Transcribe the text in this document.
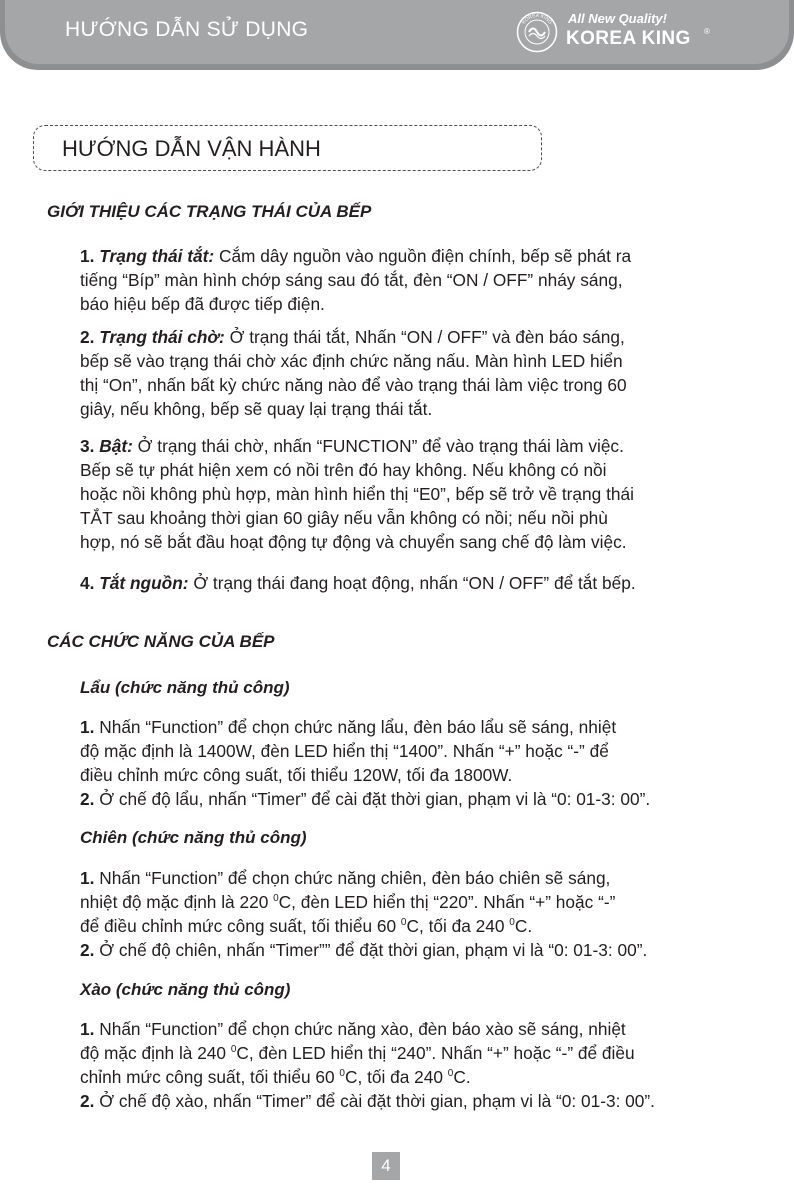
HƯỚNG DẪN SỬ DỤNG	KOREA KING All New Quality!
KOREA KING ®
HƯỚNG DẪN VẬN HÀNH
GIỚI THIỆU CÁC TRẠNG THÁI CỦA BẾP
1. Trạng thái tắt: Cắm dây nguồn vào nguồn điện chính, bếp sẽ phát ra
tiếng “Bíp” màn hình chớp sáng sau đó tắt, đèn “ON / OFF” nháy sáng,
báo hiệu bếp đã được tiếp điện.
2. Trạng thái chờ: Ở trạng thái tắt, Nhấn “ON / OFF” và đèn báo sáng,
bếp sẽ vào trạng thái chờ xác định chức năng nấu. Màn hình LED hiển
thị “On”, nhấn bất kỳ chức năng nào để vào trạng thái làm việc trong 60
giây, nếu không, bếp sẽ quay lại trạng thái tắt.
3. Bật: Ở trạng thái chờ, nhấn “FUNCTION” để vào trạng thái làm việc.
Bếp sẽ tự phát hiện xem có nồi trên đó hay không. Nếu không có nồi
hoặc nồi không phù hợp, màn hình hiển thị “E0”, bếp sẽ trở về trạng thái
TẮT sau khoảng thời gian 60 giây nếu vẫn không có nồi; nếu nồi phù
hợp, nó sẽ bắt đầu hoạt động tự động và chuyển sang chế độ làm việc.
4. Tắt nguồn: Ở trạng thái đang hoạt động, nhấn “ON / OFF” để tắt bếp.
CÁC CHỨC NĂNG CỦA BẾP
Lẩu (chức năng thủ công)
1. Nhấn “Function” để chọn chức năng lẩu, đèn báo lẩu sẽ sáng, nhiệt
độ mặc định là 1400W, đèn LED hiển thị “1400”. Nhấn “+” hoặc “-” để
điều chỉnh mức công suất, tối thiểu 120W, tối đa 1800W.
2. Ở chế độ lẩu, nhấn “Timer” để cài đặt thời gian, phạm vi là “0: 01-3: 00”.
Chiên (chức năng thủ công)
1. Nhấn “Function” để chọn chức năng chiên, đèn báo chiên sẽ sáng,
nhiệt độ mặc định là 220 $^0$C, đèn LED hiển thị “220”. Nhấn “+” hoặc “-”
để điều chỉnh mức công suất, tối thiểu 60 $^0$C, tối đa 240 $^0$C.
2. Ở chế độ chiên, nhấn “Timer”” để đặt thời gian, phạm vi là “0: 01-3: 00”.
Xào (chức năng thủ công)
1. Nhấn “Function” để chọn chức năng xào, đèn báo xào sẽ sáng, nhiệt
độ mặc định là 240 $^0$C, đèn LED hiển thị “240”. Nhấn “+” hoặc “-” để điều
chỉnh mức công suất, tối thiểu 60 $^0$C, tối đa 240 $^0$C.
2. Ở chế độ xào, nhấn “Timer” để cài đặt thời gian, phạm vi là “0: 01-3: 00”.
4
